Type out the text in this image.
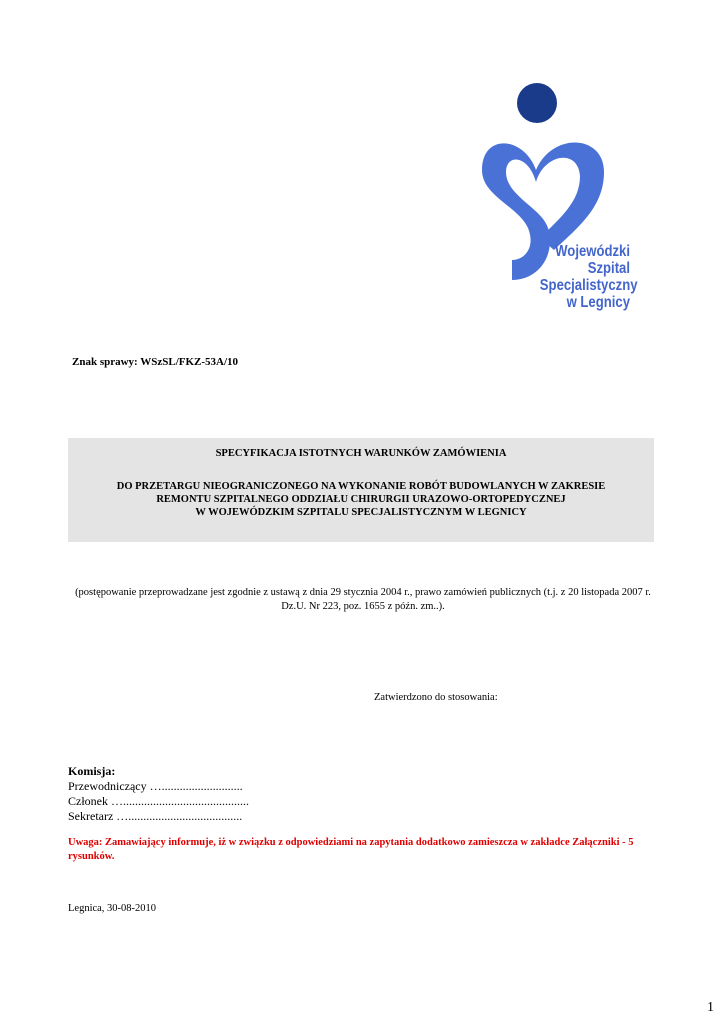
Wojewódzki
Szpital
Specjalistyczny
w Legnicy
Znak sprawy: WSzSL/FKZ-53A/10
SPECYFIKACJA ISTOTNYCH WARUNKÓW ZAMÓWIENIA
DO PRZETARGU NIEOGRANICZONEGO NA WYKONANIE ROBÓT BUDOWLANYCH W ZAKRESIE
REMONTU SZPITALNEGO ODDZIAŁU CHIRURGII URAZOWO-ORTOPEDYCZNEJ
W WOJEWÓDZKIM SZPITALU SPECJALISTYCZNYM W LEGNICY
(postępowanie przeprowadzane jest zgodnie z ustawą z dnia 29 stycznia 2004 r., prawo zamówień publicznych (t.j. z 20 listopada 2007 r. Dz.U. Nr 223, poz. 1655 z późn. zm..).
Zatwierdzono do stosowania:
Komisja:
Przewodniczący …...........................
Członek …..........................................
Sekretarz …......................................
Uwaga: Zamawiający informuje, iż w związku z odpowiedziami na zapytania dodatkowo zamieszcza w zakładce Załączniki - 5 rysunków.
Legnica, 30-08-2010
1
